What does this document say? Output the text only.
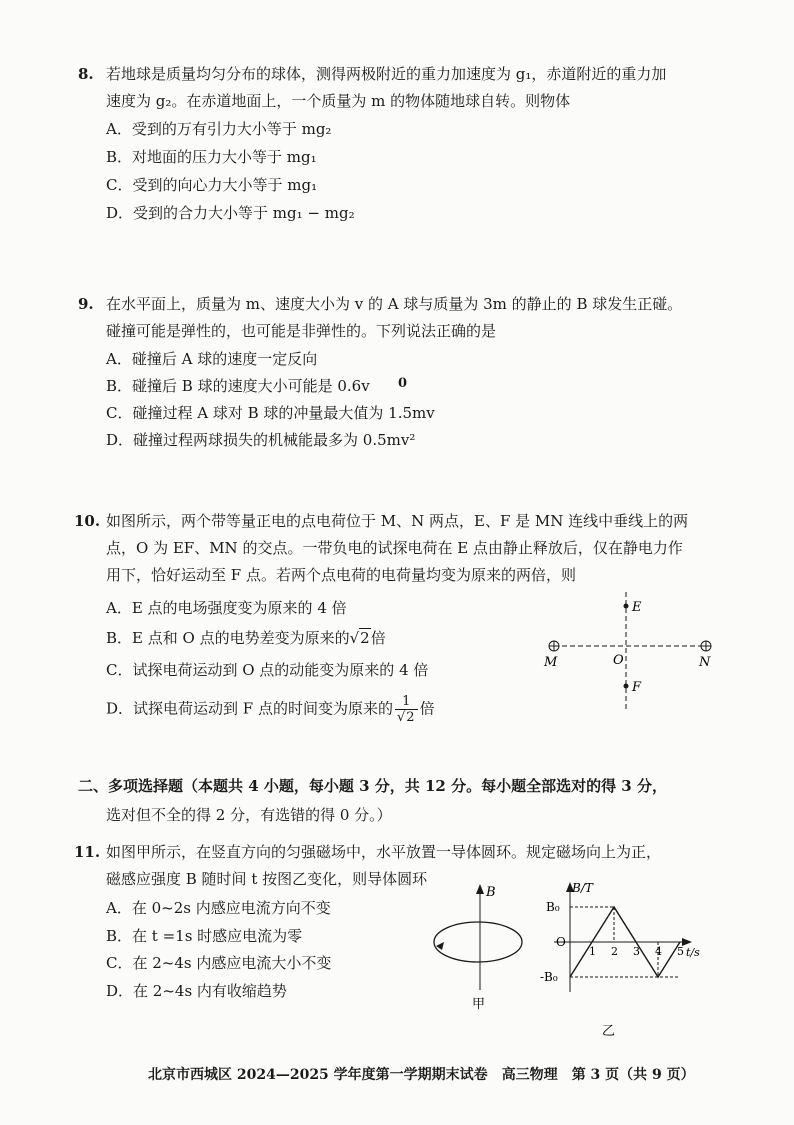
8. 若地球是质量均匀分布的球体，测得两极附近的重力加速度为 g₁，赤道附近的重力加
速度为 g₂。在赤道地面上，一个质量为 m 的物体随地球自转。则物体
A．受到的万有引力大小等于 mg₂
B．对地面的压力大小等于 mg₁
C．受到的向心力大小等于 mg₁
D．受到的合力大小等于 mg₁ − mg₂
9. 在水平面上，质量为 m、速度大小为 v 的 A 球与质量为 3m 的静止的 B 球发生正碰。
碰撞可能是弹性的，也可能是非弹性的。下列说法正确的是
A．碰撞后 A 球的速度一定反向
B．碰撞后 B 球的速度大小可能是 0.6v 0
C．碰撞过程 A 球对 B 球的冲量最大值为 1.5mv
D．碰撞过程两球损失的机械能最多为 0.5mv²
10. 如图所示，两个带等量正电的点电荷位于 M、N 两点，E、F 是 MN 连线中垂线上的两
点，O 为 EF、MN 的交点。一带负电的试探电荷在 E 点由静止释放后，仅在静电力作
用下，恰好运动至 F 点。若两个点电荷的电荷量均变为原来的两倍，则
A．E 点的电场强度变为原来的 4 倍
B．E 点和 O 点的电势差变为原来的√2倍
C．试探电荷运动到 O 点的动能变为原来的 4 倍
D．试探电荷运动到 F 点的时间变为原来的 $\frac{1}{√2}$ 倍
E
F
M	N
O
二、多项选择题（本题共 4 小题，每小题 3 分，共 12 分。每小题全部选对的得 3 分，
选对但不全的得 2 分，有选错的得 0 分。）
11. 如图甲所示，在竖直方向的匀强磁场中，水平放置一导体圆环。规定磁场向上为正，
磁感应强度 B 随时间 t 按图乙变化，则导体圆环
A．在 0~2s 内感应电流方向不变
B．在 t =1s 时感应电流为零
C．在 2~4s 内感应电流大小不变
D．在 2~4s 内有收缩趋势
B
甲
B/T
B₀
-B₀
O
1 2 3 4 5 t/s
乙
北京市西城区 2024—2025 学年度第一学期期末试卷 高三物理 第 3 页（共 9 页）
